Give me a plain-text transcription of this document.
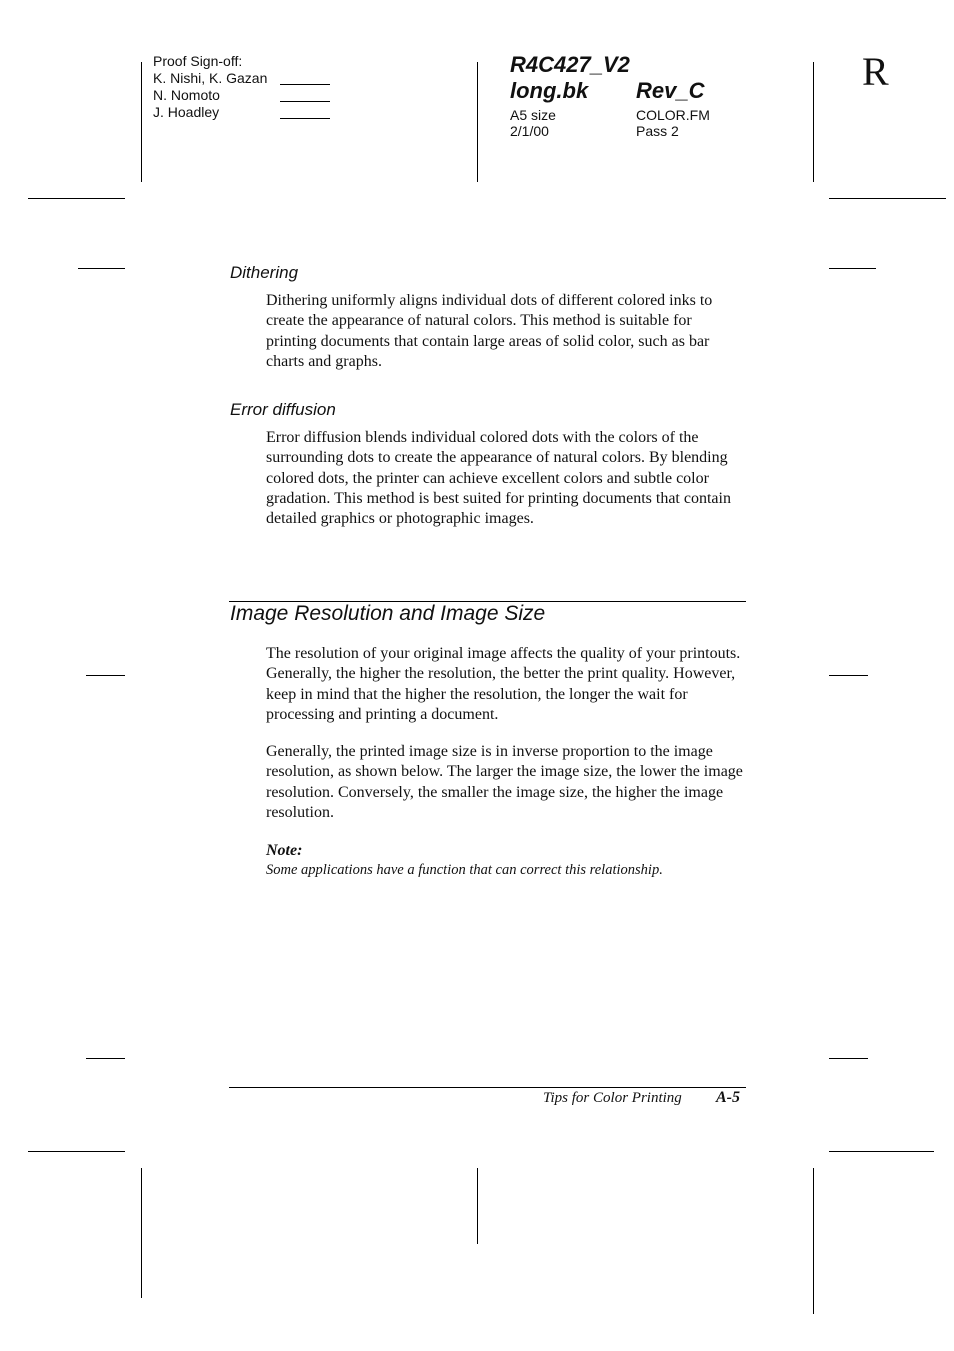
Proof Sign-off:
K. Nishi, K. Gazan
N. Nomoto
J. Hoadley
R4C427_V2
long.bk Rev_C
A5 size
2/1/00
COLOR.FM
Pass 2
R
Dithering
Dithering uniformly aligns individual dots of different colored inks to create the appearance of natural colors. This method is suitable for printing documents that contain large areas of solid color, such as bar charts and graphs.
Error diffusion
Error diffusion blends individual colored dots with the colors of the surrounding dots to create the appearance of natural colors. By blending colored dots, the printer can achieve excellent colors and subtle color gradation. This method is best suited for printing documents that contain detailed graphics or photographic images.
Image Resolution and Image Size
The resolution of your original image affects the quality of your printouts. Generally, the higher the resolution, the better the print quality. However, keep in mind that the higher the resolution, the longer the wait for processing and printing a document.
Generally, the printed image size is in inverse proportion to the image resolution, as shown below. The larger the image size, the lower the image resolution. Conversely, the smaller the image size, the higher the image resolution.
Note:
Some applications have a function that can correct this relationship.
Tips for Color Printing A-5
